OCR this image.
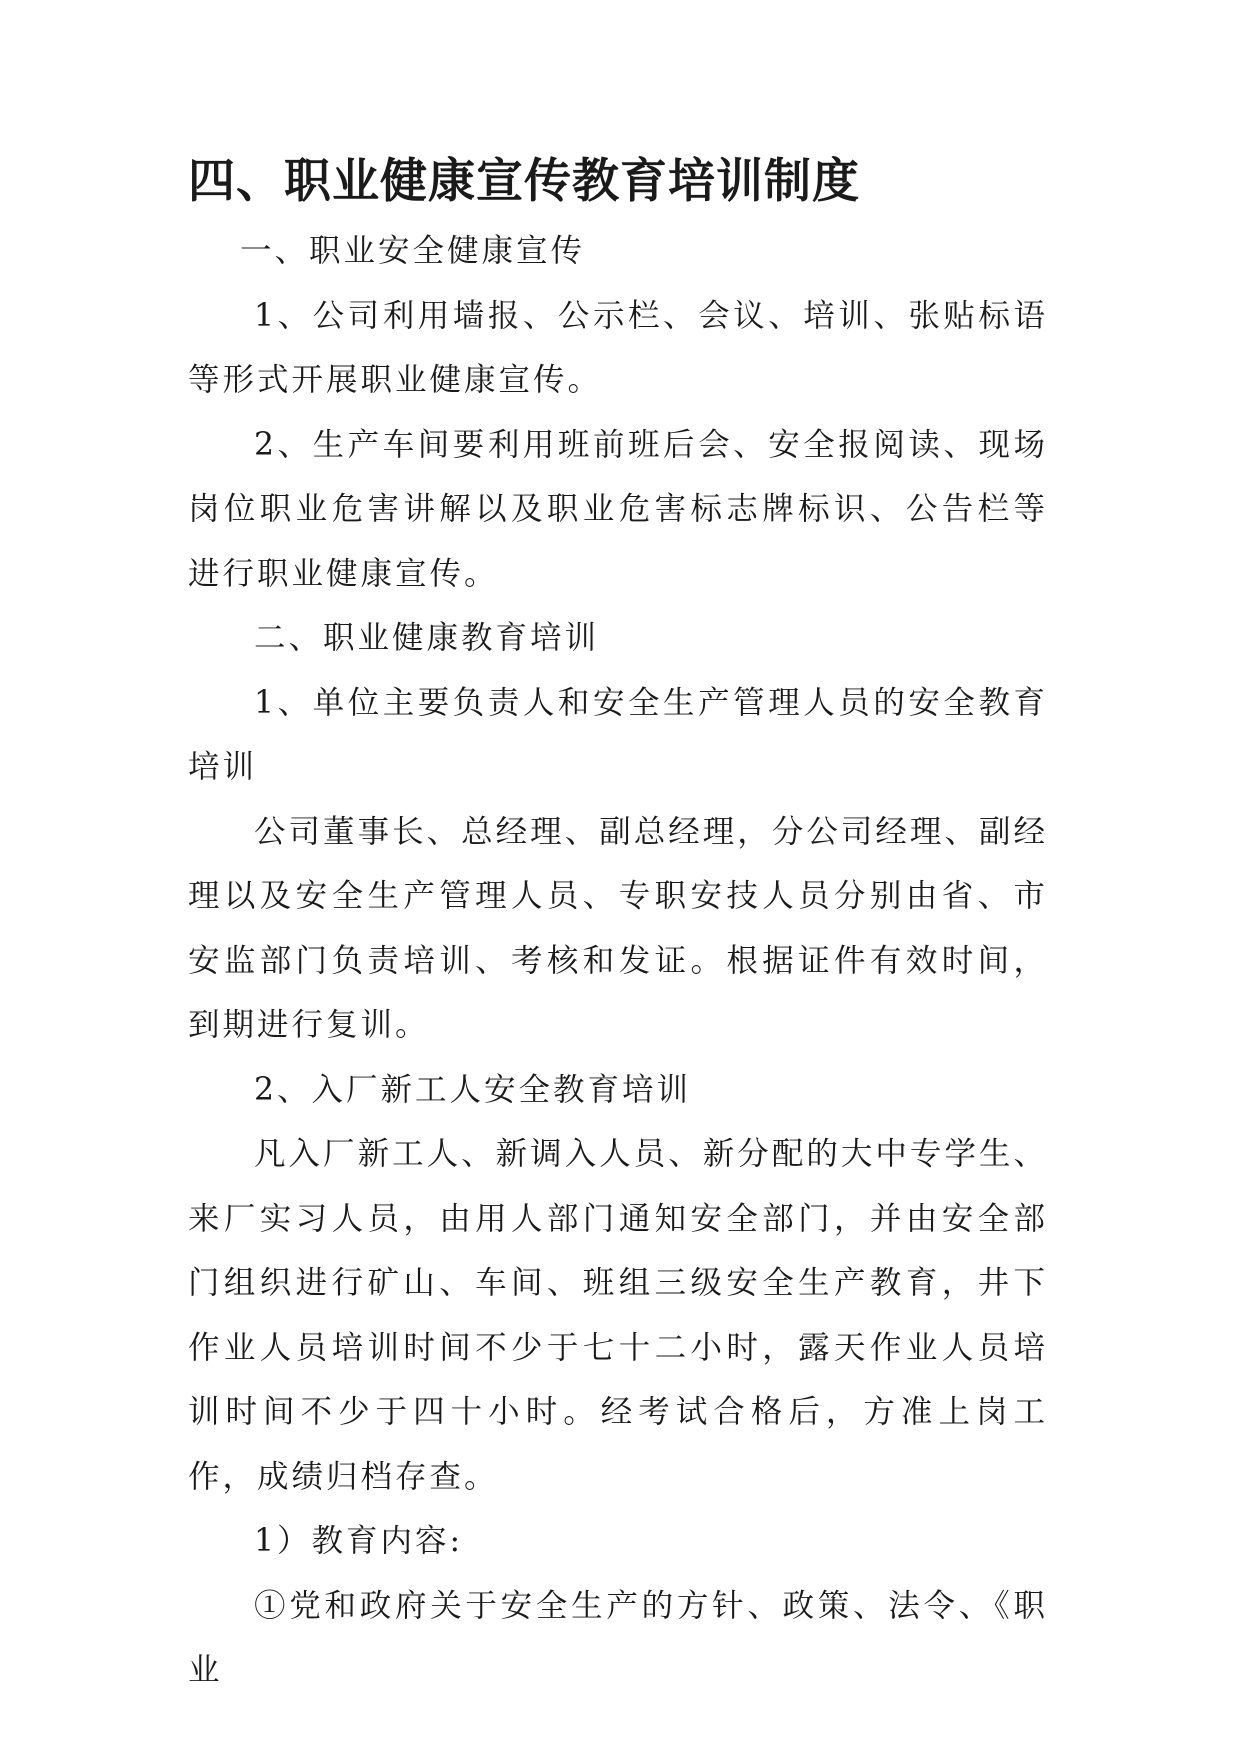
四、职业健康宣传教育培训制度

一、职业安全健康宣传

1、公司利用墙报、公示栏、会议、培训、张贴标语等形式开展职业健康宣传。

2、生产车间要利用班前班后会、安全报阅读、现场岗位职业危害讲解以及职业危害标志牌标识、公告栏等进行职业健康宣传。

二、职业健康教育培训

1、单位主要负责人和安全生产管理人员的安全教育培训

公司董事长、总经理、副总经理，分公司经理、副经理以及安全生产管理人员、专职安技人员分别由省、市安监部门负责培训、考核和发证。根据证件有效时间，到期进行复训。

2、入厂新工人安全教育培训

凡入厂新工人、新调入人员、新分配的大中专学生、来厂实习人员，由用人部门通知安全部门，并由安全部门组织进行矿山、车间、班组三级安全生产教育，井下作业人员培训时间不少于七十二小时，露天作业人员培训时间不少于四十小时。经考试合格后，方准上岗工作，成绩归档存查。

1）教育内容:

①党和政府关于安全生产的方针、政策、法令、《职业
